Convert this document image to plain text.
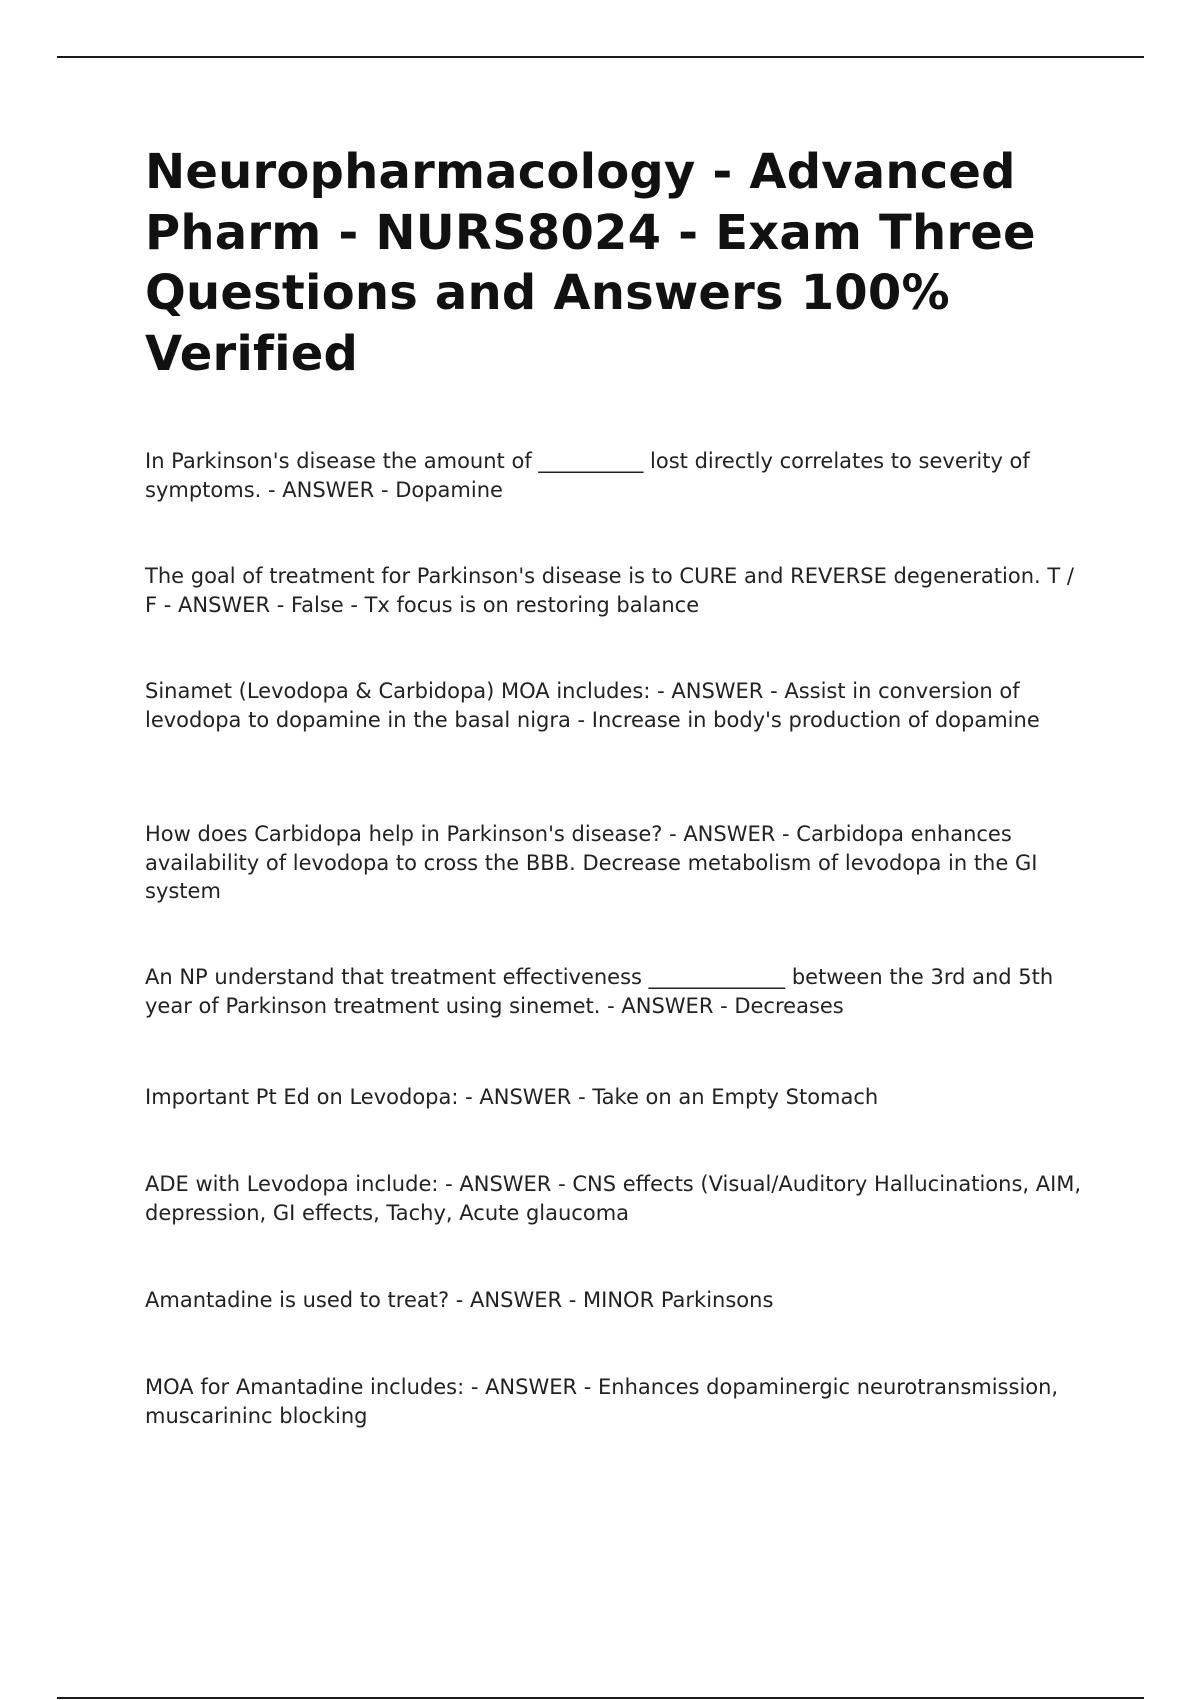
Neuropharmacology - Advanced Pharm - NURS8024 - Exam Three Questions and Answers 100% Verified

In Parkinson's disease the amount of __________ lost directly correlates to severity of symptoms. - ANSWER - Dopamine

The goal of treatment for Parkinson's disease is to CURE and REVERSE degeneration. T / F - ANSWER - False - Tx focus is on restoring balance

Sinamet (Levodopa & Carbidopa) MOA includes: - ANSWER - Assist in conversion of levodopa to dopamine in the basal nigra - Increase in body's production of dopamine

How does Carbidopa help in Parkinson's disease? - ANSWER - Carbidopa enhances availability of levodopa to cross the BBB. Decrease metabolism of levodopa in the GI system

An NP understand that treatment effectiveness _____________ between the 3rd and 5th year of Parkinson treatment using sinemet. - ANSWER - Decreases

Important Pt Ed on Levodopa: - ANSWER - Take on an Empty Stomach

ADE with Levodopa include: - ANSWER - CNS effects (Visual/Auditory Hallucinations, AIM, depression, GI effects, Tachy, Acute glaucoma

Amantadine is used to treat? - ANSWER - MINOR Parkinsons

MOA for Amantadine includes: - ANSWER - Enhances dopaminergic neurotransmission, muscarininc blocking
